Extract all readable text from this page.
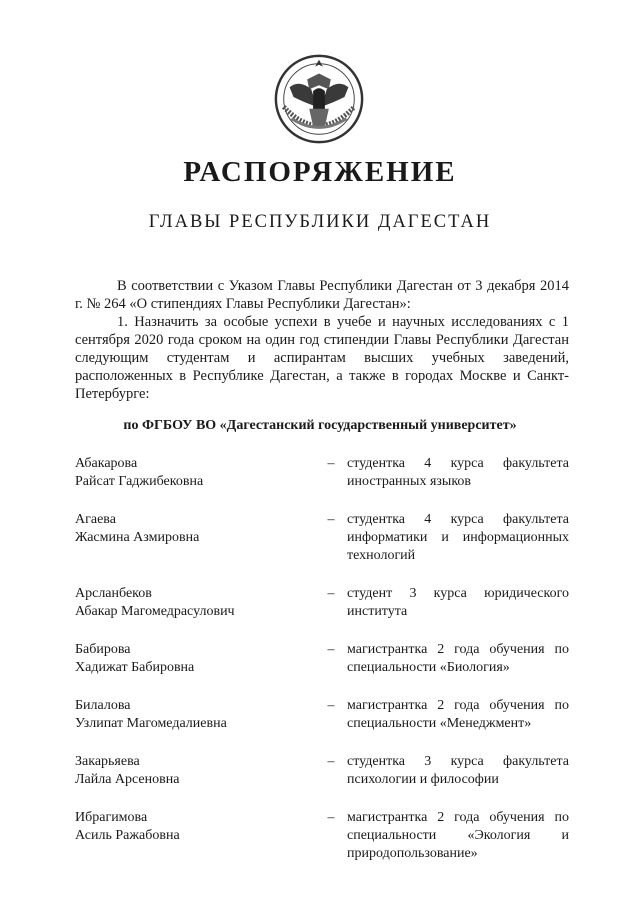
РАСПОРЯЖЕНИЕ
ГЛАВЫ РЕСПУБЛИКИ ДАГЕСТАН

В соответствии с Указом Главы Республики Дагестан от 3 декабря 2014 г. № 264 «О стипендиях Главы Республики Дагестан»:

1. Назначить за особые успехи в учебе и научных исследованиях с 1 сентября 2020 года сроком на один год стипендии Главы Республики Дагестан следующим студентам и аспирантам высших учебных заведений, расположенных в Республике Дагестан, а также в городах Москве и Санкт-Петербурге:

по ФГБОУ ВО «Дагестанский государственный университет»
Абакарова
Райсат Гаджибековна
– студентка 4 курса факультета иностранных языков
Агаева
Жасмина Азмировна
– студентка 4 курса факультета информатики и информационных технологий
Арсланбеков
Абакар Магомедрасулович
– студент 3 курса юридического института
Бабирова
Хадижат Бабировна
– магистрантка 2 года обучения по специальности «Биология»
Билалова
Узлипат Магомедалиевна
– магистрантка 2 года обучения по специальности «Менеджмент»
Закарьяева
Лайла Арсеновна
– студентка 3 курса факультета психологии и философии
Ибрагимова
Асиль Ражабовна
– магистрантка 2 года обучения по специальности «Экология и природопользование»
